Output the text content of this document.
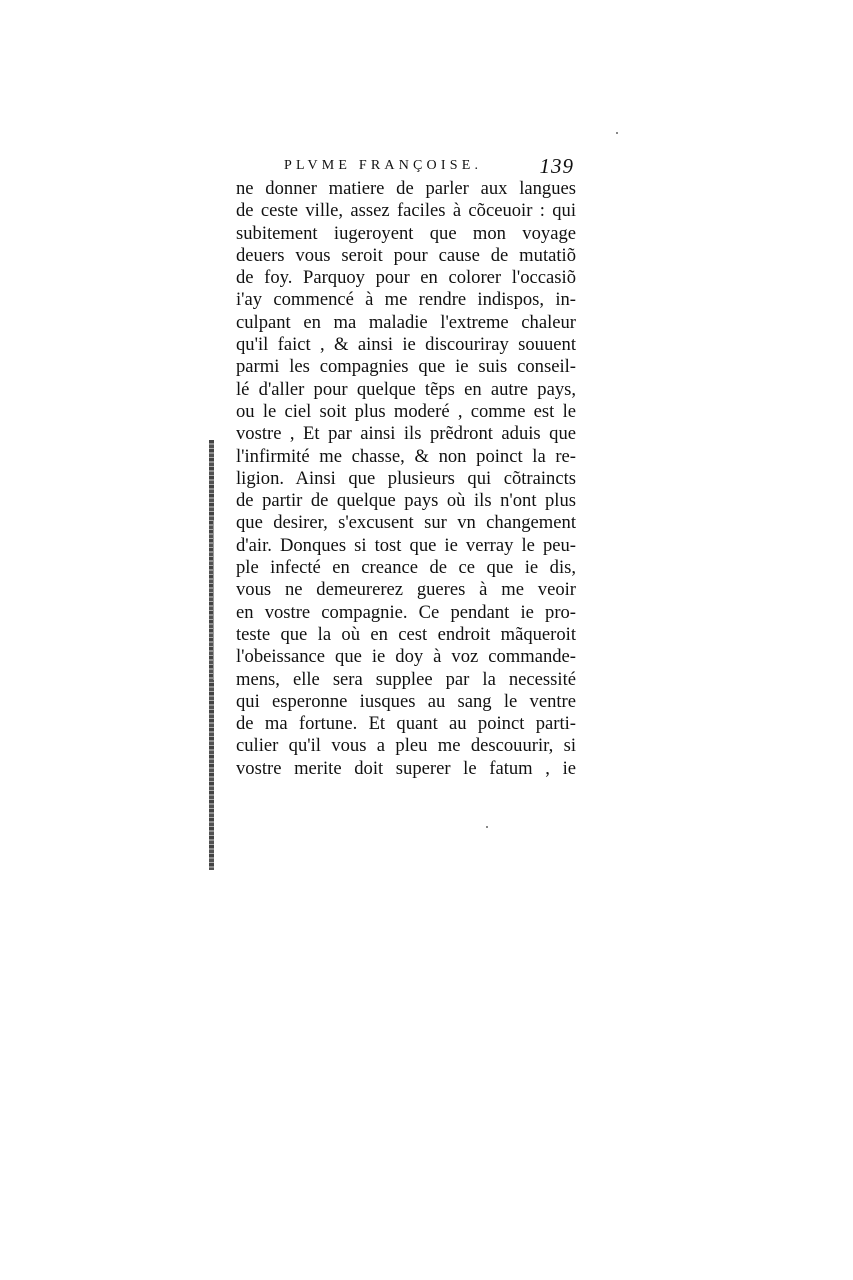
PLVME FRANÇOISE.	139
ne donner matiere de parler aux langues
de ceste ville, assez faciles à cõceuoir : qui
subitement iugeroyent que mon voyage
deuers vous seroit pour cause de mutatiõ
de foy. Parquoy pour en colorer l'occasiõ
i'ay commencé à me rendre indispos, in-
culpant en ma maladie l'extreme chaleur
qu'il faict , & ainsi ie discouriray souuent
parmi les compagnies que ie suis conseil-
lé d'aller pour quelque tẽps en autre pays,
ou le ciel soit plus moderé , comme est le
vostre , Et par ainsi ils prẽdront aduis que
l'infirmité me chasse, & non poinct la re-
ligion. Ainsi que plusieurs qui cõtraincts
de partir de quelque pays où ils n'ont plus
que desirer, s'excusent sur vn changement
d'air. Donques si tost que ie verray le peu-
ple infecté en creance de ce que ie dis,
vous ne demeurerez gueres à me veoir
en vostre compagnie. Ce pendant ie pro-
teste que la où en cest endroit mãqueroit
l'obeissance que ie doy à voz commande-
mens, elle sera supplee par la necessité
qui esperonne iusques au sang le ventre
de ma fortune. Et quant au poinct parti-
culier qu'il vous a pleu me descouurir, si
vostre merite doit superer le fatum , ie
